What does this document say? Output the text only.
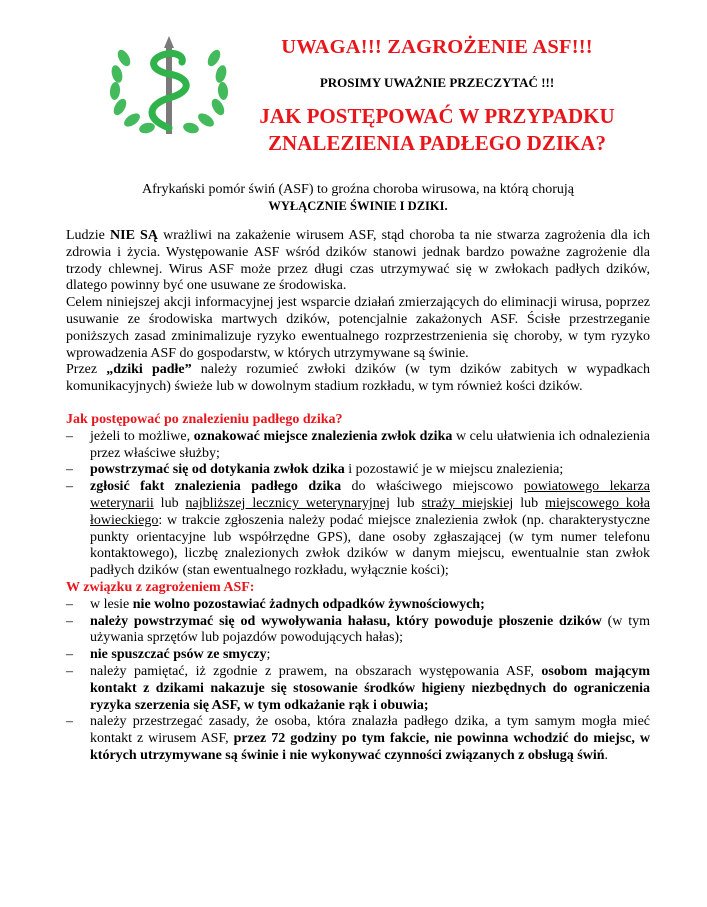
UWAGA!!! ZAGROŻENIE ASF!!!
PROSIMY UWAŻNIE PRZECZYTAĆ !!!
JAK POSTĘPOWAĆ W PRZYPADKU
ZNALEZIENIA PADŁEGO DZIKA?
Afrykański pomór świń (ASF) to groźna choroba wirusowa, na którą chorują
WYŁĄCZNIE ŚWINIE I DZIKI.

Ludzie NIE SĄ wrażliwi na zakażenie wirusem ASF, stąd choroba ta nie stwarza zagrożenia dla ich zdrowia i życia. Występowanie ASF wśród dzików stanowi jednak bardzo poważne zagrożenie dla trzody chlewnej. Wirus ASF może przez długi czas utrzymywać się w zwłokach padłych dzików, dlatego powinny być one usuwane ze środowiska.

Celem niniejszej akcji informacyjnej jest wsparcie działań zmierzających do eliminacji wirusa, poprzez usuwanie ze środowiska martwych dzików, potencjalnie zakażonych ASF. Ścisłe przestrzeganie poniższych zasad zminimalizuje ryzyko ewentualnego rozprzestrzenienia się choroby, w tym ryzyko wprowadzenia ASF do gospodarstw, w których utrzymywane są świnie.

Przez „dziki padłe” należy rozumieć zwłoki dzików (w tym dzików zabitych w wypadkach komunikacyjnych) świeże lub w dowolnym stadium rozkładu, w tym również kości dzików.

Jak postępować po znalezieniu padłego dzika?
– jeżeli to możliwe, oznakować miejsce znalezienia zwłok dzika w celu ułatwienia ich odnalezienia przez właściwe służby;
– powstrzymać się od dotykania zwłok dzika i pozostawić je w miejscu znalezienia;
– zgłosić fakt znalezienia padłego dzika do właściwego miejscowo powiatowego lekarza weterynarii lub najbliższej lecznicy weterynaryjnej lub straży miejskiej lub miejscowego koła łowieckiego: w trakcie zgłoszenia należy podać miejsce znalezienia zwłok (np. charakterystyczne punkty orientacyjne lub współrzędne GPS), dane osoby zgłaszającej (w tym numer telefonu kontaktowego), liczbę znalezionych zwłok dzików w danym miejscu, ewentualnie stan zwłok padłych dzików (stan ewentualnego rozkładu, wyłącznie kości);
W związku z zagrożeniem ASF:
– w lesie nie wolno pozostawiać żadnych odpadków żywnościowych;
– należy powstrzymać się od wywoływania hałasu, który powoduje płoszenie dzików (w tym używania sprzętów lub pojazdów powodujących hałas);
– nie spuszczać psów ze smyczy;
– należy pamiętać, iż zgodnie z prawem, na obszarach występowania ASF, osobom mającym kontakt z dzikami nakazuje się stosowanie środków higieny niezbędnych do ograniczenia ryzyka szerzenia się ASF, w tym odkażanie rąk i obuwia;
– należy przestrzegać zasady, że osoba, która znalazła padłego dzika, a tym samym mogła mieć kontakt z wirusem ASF, przez 72 godziny po tym fakcie, nie powinna wchodzić do miejsc, w których utrzymywane są świnie i nie wykonywać czynności związanych z obsługą świń.
